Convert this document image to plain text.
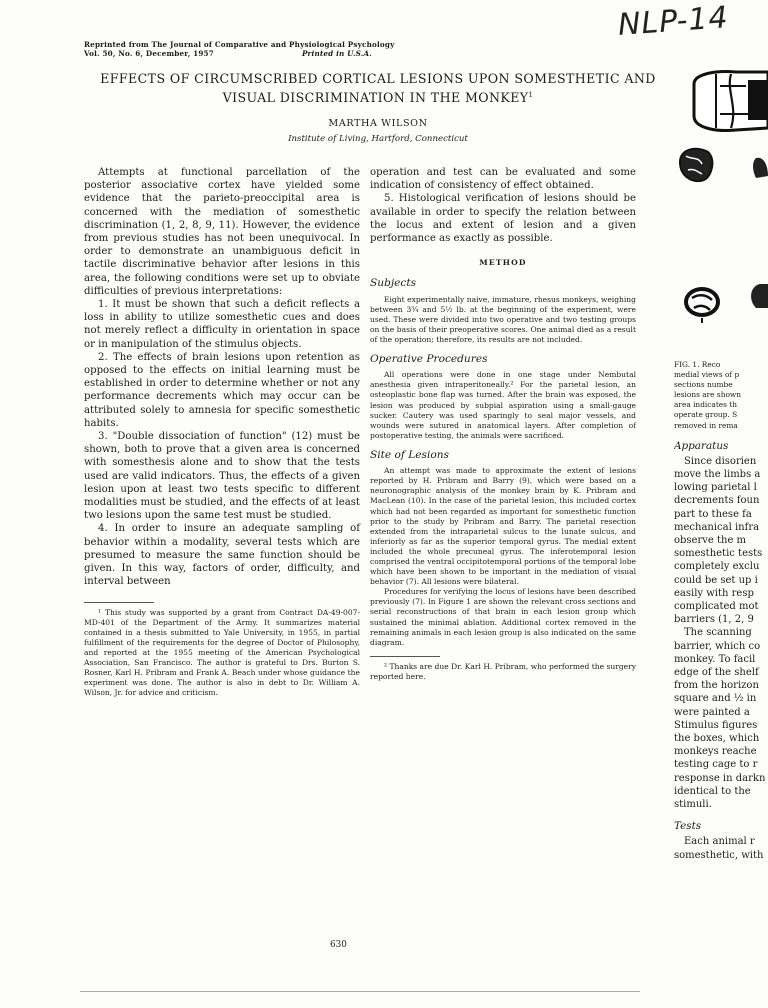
NLP-14
Reprinted from The Journal of Comparative and Physiological Psychology
Vol. 50, No. 6, December, 1957	Printed in U.S.A.
EFFECTS OF CIRCUMSCRIBED CORTICAL LESIONS UPON SOMESTHETIC AND
VISUAL DISCRIMINATION IN THE MONKEY$^1$
MARTHA WILSON
Institute of Living, Hartford, Connecticut

Attempts at functional parcellation of the posterior associative cortex have yielded some evidence that the parieto-preoccipital area is concerned with the mediation of somesthetic discrimination (1, 2, 8, 9, 11). However, the evidence from previous studies has not been unequivocal. In order to demonstrate an unambiguous deficit in tactile discriminative behavior after lesions in this area, the following conditions were set up to obviate difficulties of previous interpretations:

1. It must be shown that such a deficit reflects a loss in ability to utilize somesthetic cues and does not merely reflect a difficulty in orientation in space or in manipulation of the stimulus objects.

2. The effects of brain lesions upon retention as opposed to the effects on initial learning must be established in order to determine whether or not any performance decrements which may occur can be attributed solely to amnesia for specific somesthetic habits.

3. "Double dissociation of function" (12) must be shown, both to prove that a given area is concerned with somesthesis alone and to show that the tests used are valid indicators. Thus, the effects of a given lesion upon at least two tests specific to different modalities must be studied, and the effects of at least two lesions upon the same test must be studied.

4. In order to insure an adequate sampling of behavior within a modality, several tests which are presumed to measure the same function should be given. In this way, factors of order, difficulty, and interval between

¹ This study was supported by a grant from Contract DA-49-007-MD-401 of the Department of the Army. It summarizes material contained in a thesis submitted to Yale University, in 1955, in partial fulfillment of the requirements for the degree of Doctor of Philosophy, and reported at the 1955 meeting of the American Psychological Association, San Francisco. The author is grateful to Drs. Burton S. Rosner, Karl H. Pribram and Frank A. Beach under whose guidance the experiment was done. The author is also in debt to Dr. William A. Wilson, Jr. for advice and criticism.

operation and test can be evaluated and some indication of consistency of effect obtained.

5. Histological verification of lesions should be available in order to specify the relation between the locus and extent of lesion and a given performance as exactly as possible.

METHOD
Subjects

Eight experimentally naive, immature, rhesus monkeys, weighing between 3¾ and 5½ lb. at the beginning of the experiment, were used. These were divided into two operative and two testing groups on the basis of their preoperative scores. One animal died as a result of the operation; therefore, its results are not included.

Operative Procedures

All operations were done in one stage under Nembutal anesthesia given intraperitoneally.² For the parietal lesion, an osteoplastic bone flap was turned. After the brain was exposed, the lesion was produced by subpial aspiration using a small-gauge sucker. Cautery was used sparingly to seal major vessels, and wounds were sutured in anatomical layers. After completion of postoperative testing, the animals were sacrificed.

Site of Lesions

An attempt was made to approximate the extent of lesions reported by H. Pribram and Barry (9), which were based on a neuronographic analysis of the monkey brain by K. Pribram and MacLean (10). In the case of the parietal lesion, this included cortex which had not been regarded as important for somesthetic function prior to the study by Pribram and Barry. The parietal resection extended from the intraparietal sulcus to the lunate sulcus, and inferiorly as far as the superior temporal gyrus. The medial extent included the whole precuneal gyrus. The inferotemporal lesion comprised the ventral occipitotemporal portions of the temporal lobe which have been shown to be important in the mediation of visual behavior (7). All lesions were bilateral.

Procedures for verifying the locus of lesions have been described previously (7). In Figure 1 are shown the relevant cross sections and serial reconstructions of that brain in each lesion group which sustained the minimal ablation. Additional cortex removed in the remaining animals in each lesion group is also indicated on the same diagram.

² Thanks are due Dr. Karl H. Pribram, who performed the surgery reported here.

630
FIG. 1. Reco
medial views of p
sections numbe
lesions are shown
area indicates th
operate group. S
removed in rema
Apparatus
Since disorien
move the limbs a
lowing parietal l
decrements foun
part to these fa
mechanical infra
observe the m
somesthetic tests
completely exclu
could be set up i
easily with resp
complicated mot
barriers (1, 2, 9
The scanning
barrier, which co
monkey. To facil
edge of the shelf
from the horizon
square and ½ in
were painted a
Stimulus figures
the boxes, which
monkeys reache
testing cage to r
response in darkn
identical to the
stimuli.
Tests
Each animal r
somesthetic, with
